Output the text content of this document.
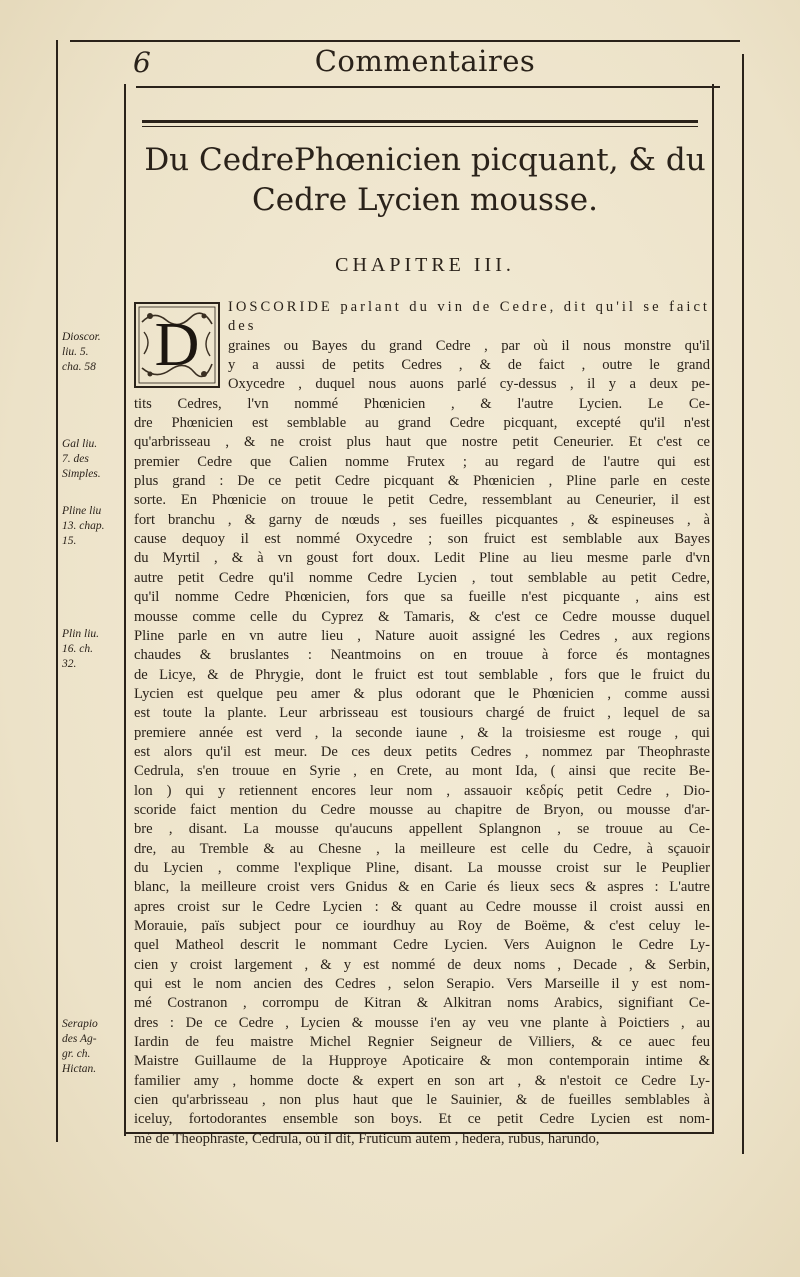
6	Commentaires
Du CedrePhœnicien picquant, & du
Cedre Lycien mousse.
CHAPITRE III.
Dioscor.
liu. 5.
cha. 58
Gal liu.
7. des
Simples.
Pline liu
13. chap.
15.
Plin liu.
16. ch.
32.
Serapio
des Ag-
gr. ch.
Hictan.
D
IOSCORIDE parlant du vin de Cedre, dit qu'il se faict des
graines ou Bayes du grand Cedre , par où il nous monstre qu'il
y a aussi de petits Cedres , & de faict , outre le grand
Oxycedre , duquel nous auons parlé cy-dessus , il y a deux pe-
tits Cedres, l'vn nommé Phœnicien , & l'autre Lycien. Le Ce-
dre Phœnicien est semblable au grand Cedre picquant, excepté qu'il n'est
qu'arbrisseau , & ne croist plus haut que nostre petit Ceneurier. Et c'est ce
premier Cedre que Calien nomme Frutex ; au regard de l'autre qui est
plus grand : De ce petit Cedre picquant & Phœnicien , Pline parle en ceste
sorte. En Phœnicie on trouue le petit Cedre, ressemblant au Ceneurier, il est
fort branchu , & garny de nœuds , ses fueilles picquantes , & espineuses , à
cause dequoy il est nommé Oxycedre ; son fruict est semblable aux Bayes
du Myrtil , & à vn goust fort doux. Ledit Pline au lieu mesme parle d'vn
autre petit Cedre qu'il nomme Cedre Lycien , tout semblable au petit Cedre,
qu'il nomme Cedre Phœnicien, fors que sa fueille n'est picquante , ains est
mousse comme celle du Cyprez & Tamaris, & c'est ce Cedre mousse duquel
Pline parle en vn autre lieu , Nature auoit assigné les Cedres , aux regions
chaudes & bruslantes : Neantmoins on en trouue à force és montagnes
de Licye, & de Phrygie, dont le fruict est tout semblable , fors que le fruict du
Lycien est quelque peu amer & plus odorant que le Phœnicien , comme aussi
est toute la plante. Leur arbrisseau est tousiours chargé de fruict , lequel de sa
premiere année est verd , la seconde iaune , & la troisiesme est rouge , qui
est alors qu'il est meur. De ces deux petits Cedres , nommez par Theophraste
Cedrula, s'en trouue en Syrie , en Crete, au mont Ida, ( ainsi que recite Be-
lon ) qui y retiennent encores leur nom , assauoir κεδρίς petit Cedre , Dio-
scoride faict mention du Cedre mousse au chapitre de Bryon, ou mousse d'ar-
bre , disant. La mousse qu'aucuns appellent Splangnon , se trouue au Ce-
dre, au Tremble & au Chesne , la meilleure est celle du Cedre, à sçauoir
du Lycien , comme l'explique Pline, disant. La mousse croist sur le Peuplier
blanc, la meilleure croist vers Gnidus & en Carie és lieux secs & aspres : L'autre
apres croist sur le Cedre Lycien : & quant au Cedre mousse il croist aussi en
Morauie, païs subject pour ce iourdhuy au Roy de Boëme, & c'est celuy le-
quel Matheol descrit le nommant Cedre Lycien. Vers Auignon le Cedre Ly-
cien y croist largement , & y est nommé de deux noms , Decade , & Serbin,
qui est le nom ancien des Cedres , selon Serapio. Vers Marseille il y est nom-
mé Costranon , corrompu de Kitran & Alkitran noms Arabics, signifiant Ce-
dres : De ce Cedre , Lycien & mousse i'en ay veu vne plante à Poictiers , au
Iardin de feu maistre Michel Regnier Seigneur de Villiers, & ce auec feu
Maistre Guillaume de la Hupproye Apoticaire & mon contemporain intime &
familier amy , homme docte & expert en son art , & n'estoit ce Cedre Ly-
cien qu'arbrisseau , non plus haut que le Sauinier, & de fueilles semblables à
iceluy, fortodorantes ensemble son boys. Et ce petit Cedre Lycien est nom-
mé de Theophraste, Cedrula, où il dit, Fruticum autem , hedera, rubus, harundo,
